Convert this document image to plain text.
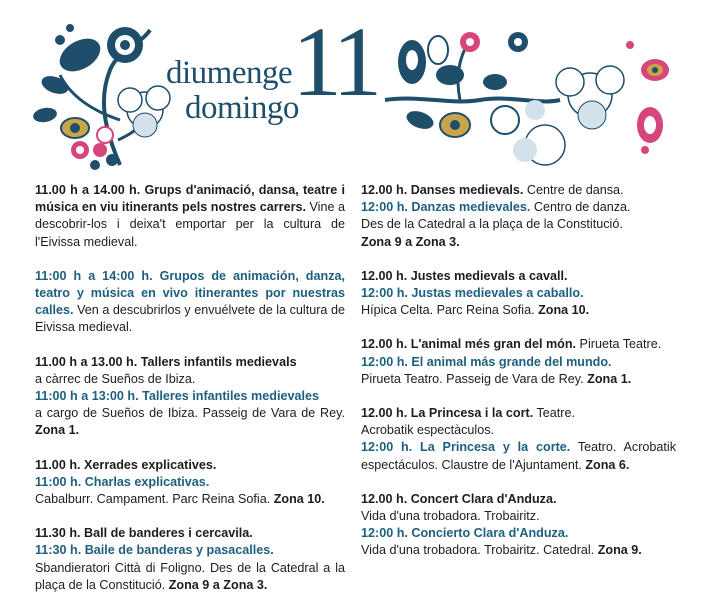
11
diumenge
domingo
11.00 h a 14.00 h. Grups d'animació, dansa, teatre i música en viu itinerants pels nostres carrers. Vine a descobrir-los i deixa't emportar per la cultura de l'Eivissa medieval.
11:00 h a 14:00 h. Grupos de animación, danza, teatro y música en vivo itinerantes por nuestras calles. Ven a descubrirlos y envuélvete de la cultura de Eivissa medieval.
11.00 h a 13.00 h. Tallers infantils medievals
a càrrec de Sueños de Ibiza.
11:00 h a 13:00 h. Talleres infantiles medievales
a cargo de Sueños de Ibiza. Passeig de Vara de Rey. Zona 1.
11.00 h. Xerrades explicatives.
11:00 h. Charlas explicativas.
Cabalburr. Campament. Parc Reina Sofia. Zona 10.
11.30 h. Ball de banderes i cercavila.
11:30 h. Baile de banderas y pasacalles.
Sbandieratori Città di Foligno. Des de la Catedral a la plaça de la Constitució. Zona 9 a Zona 3.
12.00 h. Danses medievals. Centre de dansa.
12:00 h. Danzas medievales. Centro de danza.
Des de la Catedral a la plaça de la Constitució.
Zona 9 a Zona 3.
12.00 h. Justes medievals a cavall.
12:00 h. Justas medievales a caballo.
Hípica Celta. Parc Reina Sofia. Zona 10.
12.00 h. L'animal més gran del món. Pirueta Teatre.
12:00 h. El animal más grande del mundo.
Pirueta Teatro. Passeig de Vara de Rey. Zona 1.
12.00 h. La Princesa i la cort. Teatre.
Acrobatik espectàculos.
12:00 h. La Princesa y la corte. Teatro. Acrobatik espectáculos. Claustre de l'Ajuntament. Zona 6.
12.00 h. Concert Clara d'Anduza.
Vida d'una trobadora. Trobairitz.
12:00 h. Concierto Clara d'Anduza.
Vida d'una trobadora. Trobairitz. Catedral. Zona 9.
